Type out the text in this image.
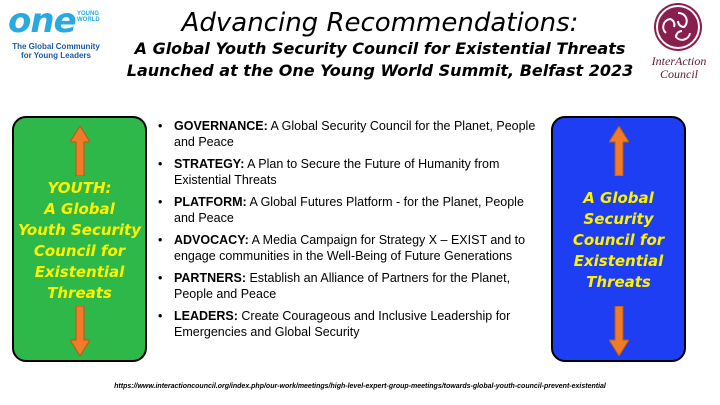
one YOUNG WORLD
The Global Community for Young Leaders
Advancing Recommendations:
A Global Youth Security Council for Existential Threats
Launched at the One Young World Summit, Belfast 2023	InterAction
Council
YOUTH:
A Global
Youth Security
Council for
Existential
Threats
A Global
Security
Council for
Existential
Threats
• GOVERNANCE: A Global Security Council for the Planet, People and Peace
• STRATEGY: A Plan to Secure the Future of Humanity from Existential Threats
• PLATFORM: A Global Futures Platform - for the Planet, People and Peace
• ADVOCACY: A Media Campaign for Strategy X – EXIST and to engage communities in the Well-Being of Future Generations
• PARTNERS: Establish an Alliance of Partners for the Planet, People and Peace
• LEADERS: Create Courageous and Inclusive Leadership for Emergencies and Global Security
https://www.interactioncouncil.org/index.php/our-work/meetings/high-level-expert-group-meetings/towards-global-youth-council-prevent-existential
